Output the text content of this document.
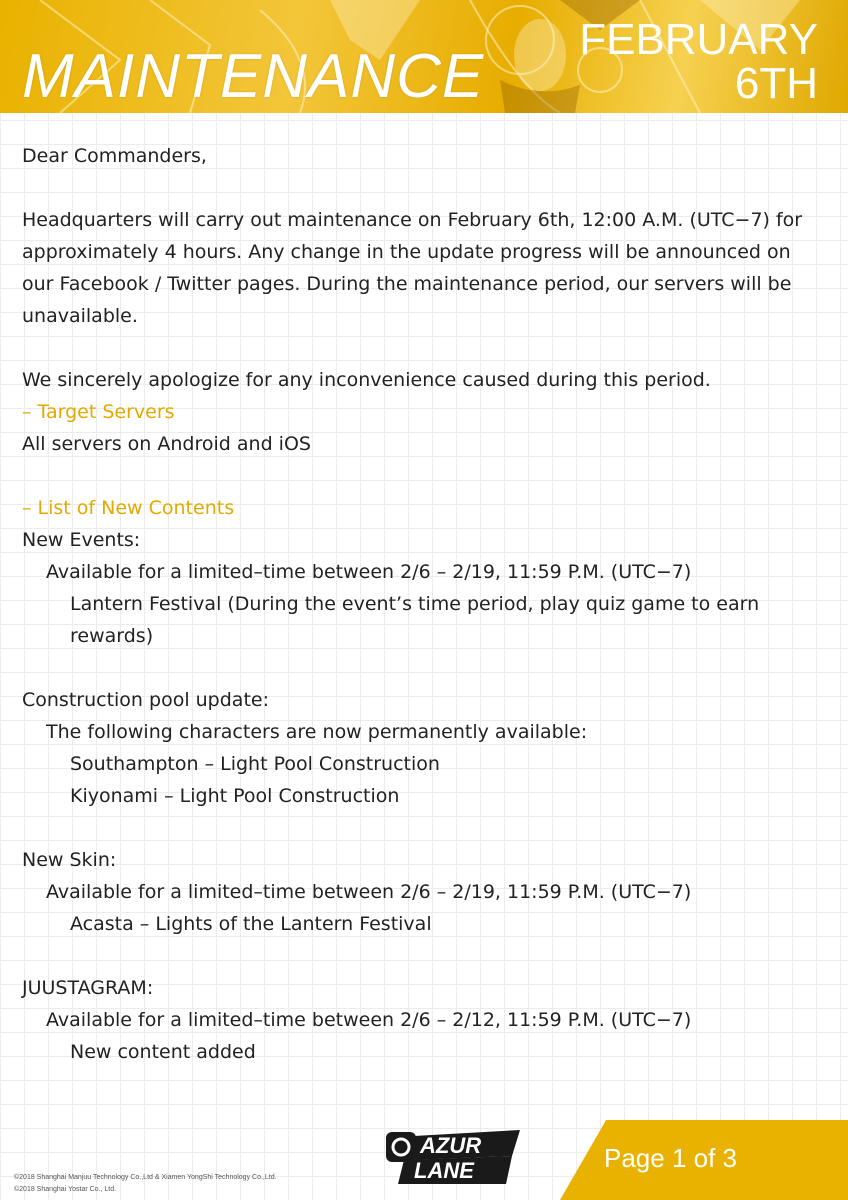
MAINTENANCE
FEBRUARY
6TH
Dear Commanders,
Headquarters will carry out maintenance on February 6th, 12:00 A.M. (UTC−7) for approximately 4 hours. Any change in the update progress will be announced on our Facebook / Twitter pages. During the maintenance period, our servers will be unavailable.
We sincerely apologize for any inconvenience caused during this period.
– Target Servers
All servers on Android and iOS
– List of New Contents
New Events:
Available for a limited–time between 2/6 – 2/19, 11:59 P.M. (UTC−7)
Lantern Festival (During the event’s time period, play quiz game to earn rewards)
Construction pool update:
The following characters are now permanently available:
Southampton – Light Pool Construction
Kiyonami – Light Pool Construction
New Skin:
Available for a limited–time between 2/6 – 2/19, 11:59 P.M. (UTC−7)
Acasta – Lights of the Lantern Festival
JUUSTAGRAM:
Available for a limited–time between 2/6 – 2/12, 11:59 P.M. (UTC−7)
New content added
©2018 Shanghai Manjuu Technology Co.,Ltd & Xiamen YongShi Technology Co.,Ltd.
©2018 Shanghai Yostar Co., Ltd.
AZUR
LANE	Page 1 of 3
